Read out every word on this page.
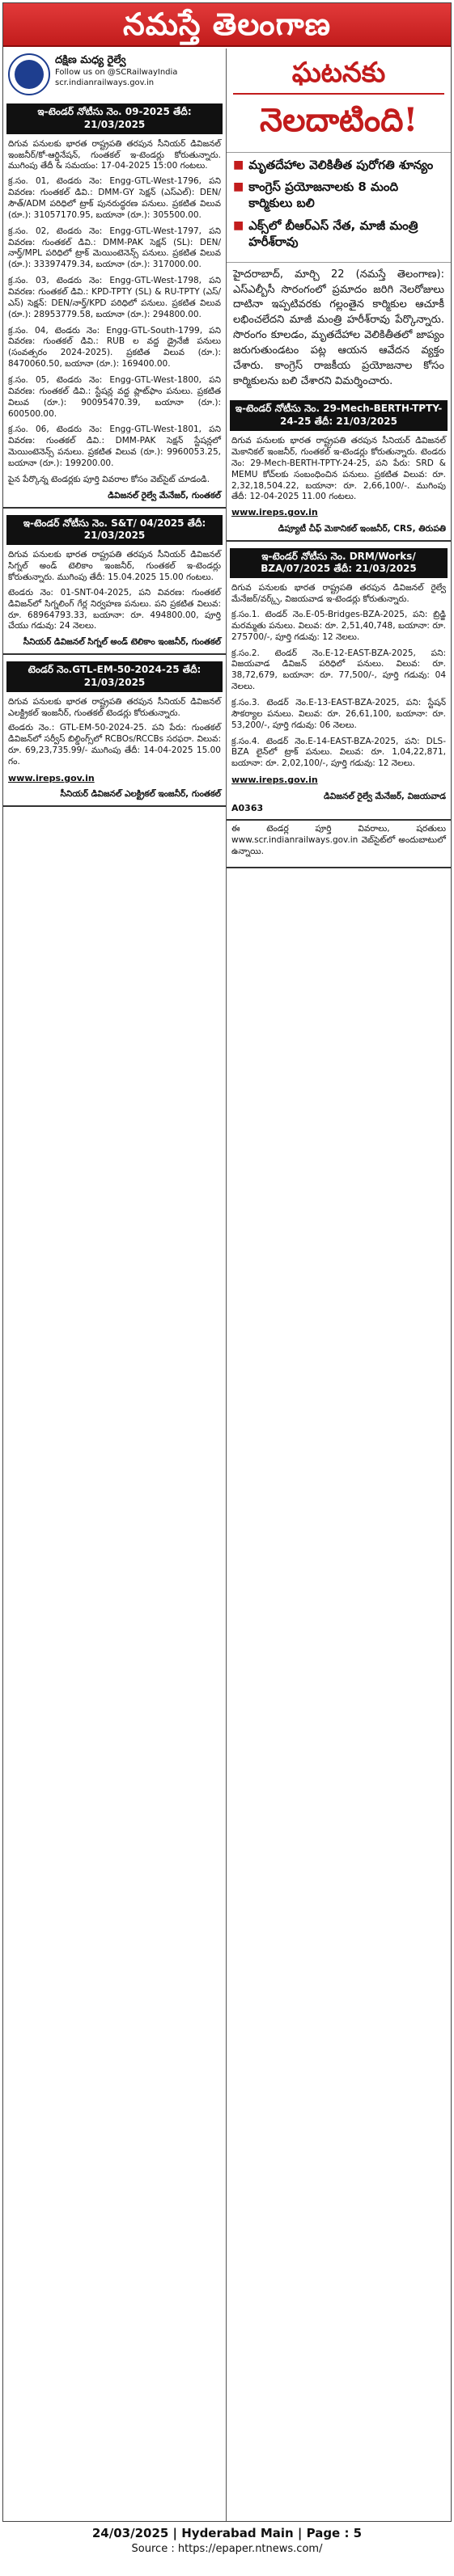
నమస్తే తెలంగాణ
దక్షిణ మధ్య రైల్వే
Follow us on @SCRailwayIndia
scr.indianrailways.gov.in
ఇ-టెండర్ నోటీసు నెం. 09-2025 తేదీ: 21/03/2025

దిగువ పనులకు భారత రాష్ట్రపతి తరపున సీనియర్ డివిజనల్ ఇంజనీర్/కో-ఆర్డినేషన్, గుంతకల్ ఇ-టెండర్లు కోరుతున్నారు. ముగింపు తేదీ & సమయం: 17-04-2025 15:00 గంటలు.

క్ర.సం. 01, టెండరు నెం: Engg-GTL-West-1796, పని వివరణ: గుంతకల్ డివి.: DMM-GY సెక్షన్ (ఎస్ఎల్): DEN/సౌత్/ADM పరిధిలో ట్రాక్ పునరుద్ధరణ పనులు. ప్రకటిత విలువ (రూ.): 31057170.95, బయానా (రూ.): 305500.00.
క్ర.సం. 02, టెండరు నెం: Engg-GTL-West-1797, పని వివరణ: గుంతకల్ డివి.: DMM-PAK సెక్షన్ (SL): DEN/నార్త్/MPL పరిధిలో ట్రాక్ మెయింటెనెన్స్ పనులు. ప్రకటిత విలువ (రూ.): 33397479.34, బయానా (రూ.): 317000.00.
క్ర.సం. 03, టెండరు నెం: Engg-GTL-West-1798, పని వివరణ: గుంతకల్ డివి.: KPD-TPTY (SL) & RU-TPTY (ఎస్/ఎస్) సెక్షన్: DEN/నార్త్/KPD పరిధిలో పనులు. ప్రకటిత విలువ (రూ.): 28953779.58, బయానా (రూ.): 294800.00.
క్ర.సం. 04, టెండరు నెం: Engg-GTL-South-1799, పని వివరణ: గుంతకల్ డివి.: RUB ల వద్ద డ్రైనేజీ పనులు (సంవత్సరం 2024-2025). ప్రకటిత విలువ (రూ.): 8470060.50, బయానా (రూ.): 169400.00.
క్ర.సం. 05, టెండరు నెం: Engg-GTL-West-1800, పని వివరణ: గుంతకల్ డివి.: స్టేషన్ల వద్ద ప్లాట్‌ఫాం పనులు. ప్రకటిత విలువ (రూ.): 90095470.39, బయానా (రూ.): 600500.00.
క్ర.సం. 06, టెండరు నెం: Engg-GTL-West-1801, పని వివరణ: గుంతకల్ డివి.: DMM-PAK సెక్షన్ స్టేషన్లలో మెయింటెనెన్స్ పనులు. ప్రకటిత విలువ (రూ.): 9960053.25, బయానా (రూ.): 199200.00.

పైన పేర్కొన్న టెండర్లకు పూర్తి వివరాల కోసం వెబ్‌సైట్ చూడండి.

డివిజనల్ రైల్వే మేనేజర్, గుంతకల్
ఇ-టెండర్ నోటీసు నెం. S&T/ 04/2025 తేదీ: 21/03/2025

దిగువ పనులకు భారత రాష్ట్రపతి తరపున సీనియర్ డివిజనల్ సిగ్నల్ అండ్ టెలికాం ఇంజనీర్, గుంతకల్ ఇ-టెండర్లు కోరుతున్నారు. ముగింపు తేదీ: 15.04.2025 15.00 గంటలు.

టెండరు నెం: 01-SNT-04-2025, పని వివరణ: గుంతకల్ డివిజన్‌లో సిగ్నలింగ్ గేర్ల నిర్వహణ పనులు. పని ప్రకటిత విలువ: రూ. 68964793.33, బయానా: రూ. 494800.00, పూర్తి చేయు గడువు: 24 నెలలు.
సీనియర్ డివిజనల్ సిగ్నల్ అండ్ టెలికాం ఇంజనీర్, గుంతకల్
టెండర్ నెం.GTL-EM-50-2024-25 తేదీ: 21/03/2025

దిగువ పనులకు భారత రాష్ట్రపతి తరపున సీనియర్ డివిజనల్ ఎలక్ట్రికల్ ఇంజనీర్, గుంతకల్ టెండర్లు కోరుతున్నారు.

టెండరు నెం.: GTL-EM-50-2024-25. పని పేరు: గుంతకల్ డివిజన్‌లో సర్వీస్ బిల్డింగ్స్‌లో RCBOs/RCCBs సరఫరా. విలువ: రూ. 69,23,735.99/- ముగింపు తేదీ: 14-04-2025 15.00 గం.
www.ireps.gov.in
సీనియర్ డివిజనల్ ఎలక్ట్రికల్ ఇంజనీర్, గుంతకల్
ఘటనకు
నెలదాటింది!
■ మృతదేహాల వెలికితీత పురోగతి శూన్యం
■ కాంగ్రెస్ ప్రయోజనాలకు 8 మంది కార్మికులు బలి
■ ఎక్స్‌లో బీఆర్ఎస్ నేత, మాజీ మంత్రి హరీశ్‌రావు
హైదరాబాద్, మార్చి 22 (నమస్తే తెలంగాణ): ఎస్ఎల్బీసీ సొరంగంలో ప్రమాదం జరిగి నెలరోజులు దాటినా ఇప్పటివరకు గల్లంతైన కార్మికుల ఆచూకీ లభించలేదని మాజీ మంత్రి హరీశ్‌రావు పేర్కొన్నారు. సొరంగం కూలడం, మృతదేహాల వెలికితీతలో జాప్యం జరుగుతుండటం పట్ల ఆయన ఆవేదన వ్యక్తం చేశారు. కాంగ్రెస్ రాజకీయ ప్రయోజనాల కోసం కార్మికులను బలి చేశారని విమర్శించారు.
ఇ-టెండర్ నోటీసు నెం. 29-Mech-BERTH-TPTY-24-25 తేదీ: 21/03/2025

దిగువ పనులకు భారత రాష్ట్రపతి తరపున సీనియర్ డివిజనల్ మెకానికల్ ఇంజనీర్, గుంతకల్ ఇ-టెండర్లు కోరుతున్నారు. టెండరు నెం: 29-Mech-BERTH-TPTY-24-25, పని పేరు: SRD & MEMU కోచ్‌లకు సంబంధించిన పనులు. ప్రకటిత విలువ: రూ. 2,32,18,504.22, బయానా: రూ. 2,66,100/-. ముగింపు తేదీ: 12-04-2025 11.00 గంటలు.

www.ireps.gov.in
డిప్యూటీ చీఫ్ మెకానికల్ ఇంజనీర్, CRS, తిరుపతి
ఇ-టెండర్ నోటీసు నెం. DRM/Works/ BZA/07/2025 తేదీ: 21/03/2025

దిగువ పనులకు భారత రాష్ట్రపతి తరపున డివిజనల్ రైల్వే మేనేజర్/వర్క్స్, విజయవాడ ఇ-టెండర్లు కోరుతున్నారు.

క్ర.సం.1. టెండర్ నెం.E-05-Bridges-BZA-2025, పని: బ్రిడ్జి మరమ్మతు పనులు. విలువ: రూ. 2,51,40,748, బయానా: రూ. 275700/-, పూర్తి గడువు: 12 నెలలు.
క్ర.సం.2. టెండర్ నెం.E-12-EAST-BZA-2025, పని: విజయవాడ డివిజన్ పరిధిలో పనులు. విలువ: రూ. 38,72,679, బయానా: రూ. 77,500/-, పూర్తి గడువు: 04 నెలలు.
క్ర.సం.3. టెండర్ నెం.E-13-EAST-BZA-2025, పని: స్టేషన్ సౌకర్యాల పనులు. విలువ: రూ. 26,61,100, బయానా: రూ. 53,200/-, పూర్తి గడువు: 06 నెలలు.
క్ర.సం.4. టెండర్ నెం.E-14-EAST-BZA-2025, పని: DLS-BZA లైన్‌లో ట్రాక్ పనులు. విలువ: రూ. 1,04,22,871, బయానా: రూ. 2,02,100/-, పూర్తి గడువు: 12 నెలలు.
www.ireps.gov.in
డివిజనల్ రైల్వే మేనేజర్, విజయవాడ
A0363

ఈ టెండర్ల పూర్తి వివరాలు, షరతులు www.scr.indianrailways.gov.in వెబ్‌సైట్‌లో అందుబాటులో ఉన్నాయి.

24/03/2025 | Hyderabad Main | Page : 5
Source : https://epaper.ntnews.com/
